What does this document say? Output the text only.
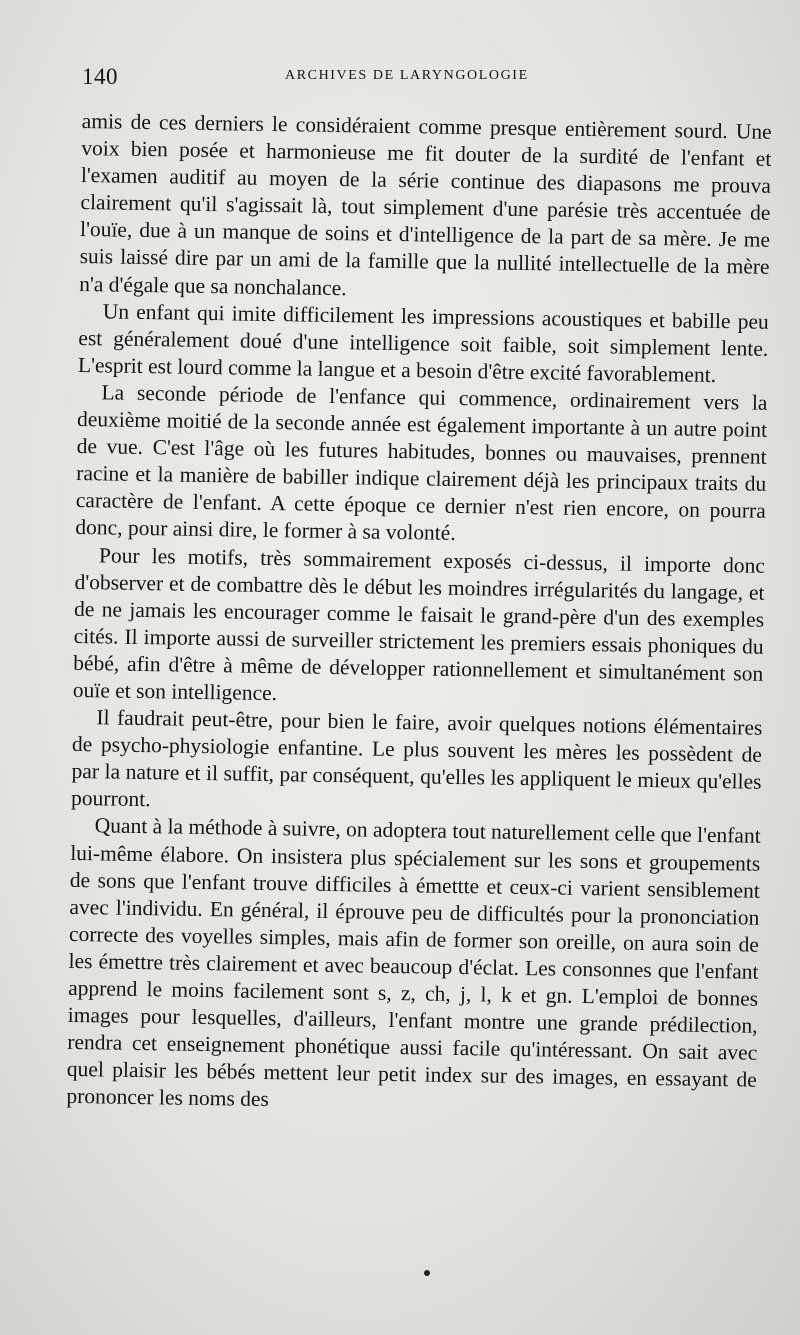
140	ARCHIVES DE LARYNGOLOGIE

amis de ces derniers le considéraient comme presque entièrement sourd. Une voix bien posée et harmonieuse me fit douter de la surdité de l'enfant et l'examen auditif au moyen de la série continue des diapasons me prouva clairement qu'il s'agissait là, tout simplement d'une parésie très accentuée de l'ouïe, due à un manque de soins et d'intelligence de la part de sa mère. Je me suis laissé dire par un ami de la famille que la nullité intellectuelle de la mère n'a d'égale que sa nonchalance.

Un enfant qui imite difficilement les impressions acoustiques et babille peu est généralement doué d'une intelligence soit faible, soit simplement lente. L'esprit est lourd comme la langue et a besoin d'être excité favorablement.

La seconde période de l'enfance qui commence, ordinairement vers la deuxième moitié de la seconde année est également importante à un autre point de vue. C'est l'âge où les futures habitudes, bonnes ou mauvaises, prennent racine et la manière de babiller indique clairement déjà les principaux traits du caractère de l'enfant. A cette époque ce dernier n'est rien encore, on pourra donc, pour ainsi dire, le former à sa volonté.

Pour les motifs, très sommairement exposés ci-dessus, il importe donc d'observer et de combattre dès le début les moindres irrégularités du langage, et de ne jamais les encourager comme le faisait le grand-père d'un des exemples cités. Il importe aussi de surveiller strictement les premiers essais phoniques du bébé, afin d'être à même de développer rationnellement et simultanément son ouïe et son intelligence.

Il faudrait peut-être, pour bien le faire, avoir quelques notions élémentaires de psycho-physiologie enfantine. Le plus souvent les mères les possèdent de par la nature et il suffit, par conséquent, qu'elles les appliquent le mieux qu'elles pourront.

Quant à la méthode à suivre, on adoptera tout naturellement celle que l'enfant lui-même élabore. On insistera plus spécialement sur les sons et groupements de sons que l'enfant trouve difficiles à émettte et ceux-ci varient sensiblement avec l'individu. En général, il éprouve peu de difficultés pour la prononciation correcte des voyelles simples, mais afin de former son oreille, on aura soin de les émettre très clairement et avec beaucoup d'éclat. Les consonnes que l'enfant apprend le moins facilement sont s, z, ch, j, l, k et gn. L'emploi de bonnes images pour lesquelles, d'ailleurs, l'enfant montre une grande prédilection, rendra cet enseignement phonétique aussi facile qu'intéressant. On sait avec quel plaisir les bébés mettent leur petit index sur des images, en essayant de prononcer les noms des
